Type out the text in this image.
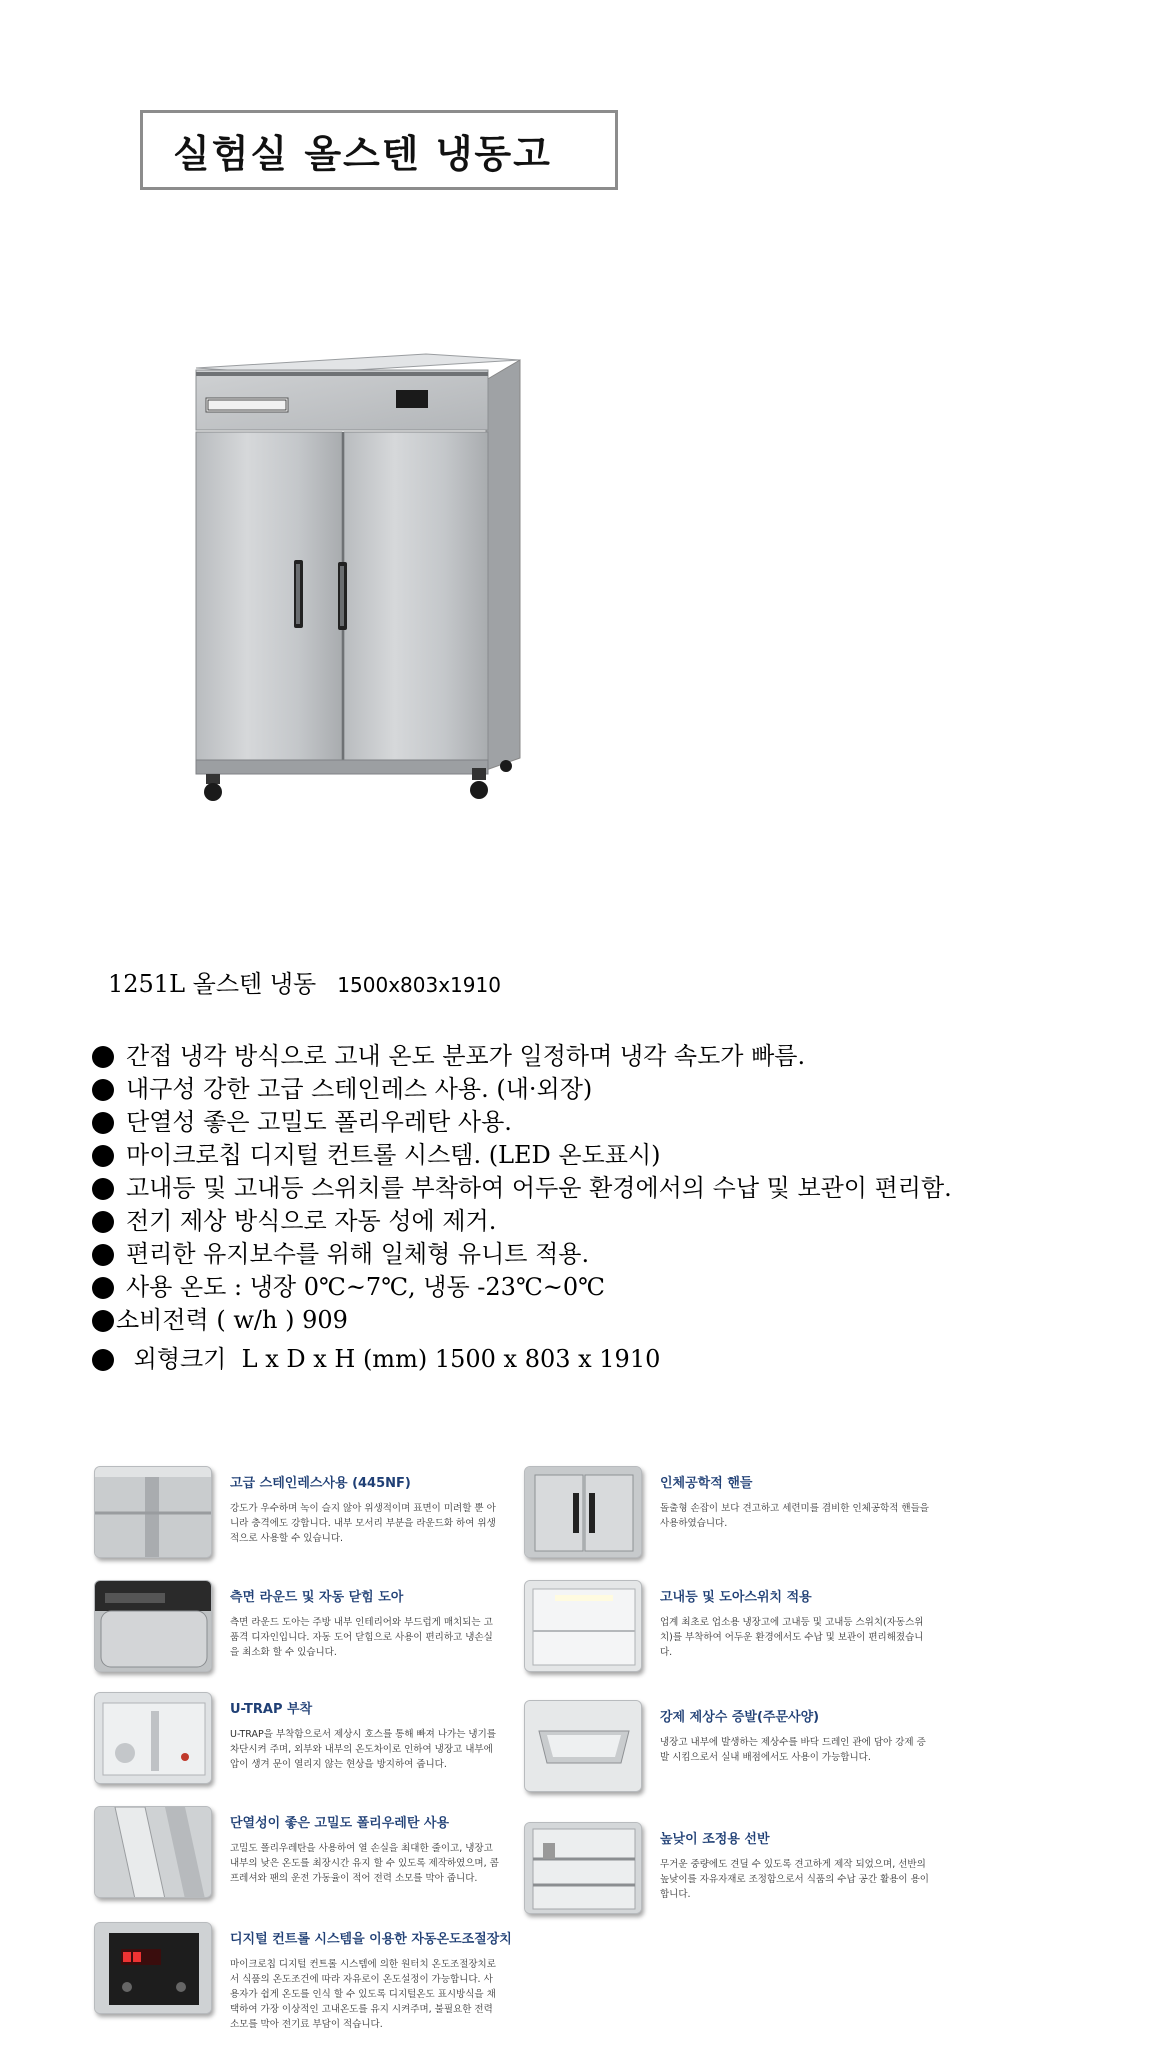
실험실 올스텐 냉동고
1251L 올스텐 냉동 1500x803x1910
간접 냉각 방식으로 고내 온도 분포가 일정하며 냉각 속도가 빠름.
내구성 강한 고급 스테인레스 사용. (내·외장)
단열성 좋은 고밀도 폴리우레탄 사용.
마이크로칩 디지털 컨트롤 시스템. (LED 온도표시)
고내등 및 고내등 스위치를 부착하여 어두운 환경에서의 수납 및 보관이 편리함.
전기 제상 방식으로 자동 성에 제거.
편리한 유지보수를 위해 일체형 유니트 적용.
사용 온도 : 냉장 0℃~7℃, 냉동 -23℃~0℃
소비전력 ( w/h ) 909
외형크기  L x D x H (mm) 1500 x 803 x 1910
고급 스테인레스사용 (445NF)
강도가 우수하며 녹이 슬지 않아 위생적이며 표면이 미려할 뿐 아니라 충격에도 강합니다. 내부 모서리 부분을 라운드화 하여 위생적으로 사용할 수 있습니다.
측면 라운드 및 자동 닫힘 도아
측면 라운드 도아는 주방 내부 인테리어와 부드럽게 매치되는 고품격 디자인입니다. 자동 도어 닫힘으로 사용이 편리하고 냉손실을 최소화 할 수 있습니다.
U-TRAP 부착
U-TRAP을 부착함으로서 제상시 호스를 통해 빠져 나가는 냉기를 차단시켜 주며, 외부와 내부의 온도차이로 인하여 냉장고 내부에 압이 생겨 문이 열리지 않는 현상을 방지하여 줍니다.
단열성이 좋은 고밀도 폴리우레탄 사용
고밀도 폴리우레탄을 사용하여 열 손실을 최대한 줄이고, 냉장고 내부의 낮은 온도를 최장시간 유지 할 수 있도록 제작하였으며, 콤프레셔와 팬의 운전 가동율이 적어 전력 소모를 막아 줍니다.
디지털 컨트롤 시스템을 이용한 자동온도조절장치
마이크로칩 디지털 컨트롤 시스템에 의한 원터치 온도조절장치로서 식품의 온도조건에 따라 자유로이 온도설정이 가능합니다. 사용자가 쉽게 온도를 인식 할 수 있도록 디지털온도 표시방식을 채택하여 가장 이상적인 고내온도를 유지 시켜주며, 불필요한 전력소모를 막아 전기료 부담이 적습니다.
인체공학적 핸들
돌출형 손잡이 보다 견고하고 세련미를 겸비한 인체공학적 핸들을 사용하였습니다.
고내등 및 도아스위치 적용
업계 최초로 업소용 냉장고에 고내등 및 고내등 스위치(자동스위치)를 부착하여 어두운 환경에서도 수납 및 보관이 편리해졌습니다.
강제 제상수 증발(주문사양)
냉장고 내부에 발생하는 제상수를 바닥 드레인 관에 담아 강제 증발 시킴으로서 실내 배점에서도 사용이 가능합니다.
높낮이 조정용 선반
무거운 중량에도 견딜 수 있도록 견고하게 제작 되었으며, 선반의 높낮이를 자유자재로 조정함으로서 식품의 수납 공간 활용이 용이합니다.
